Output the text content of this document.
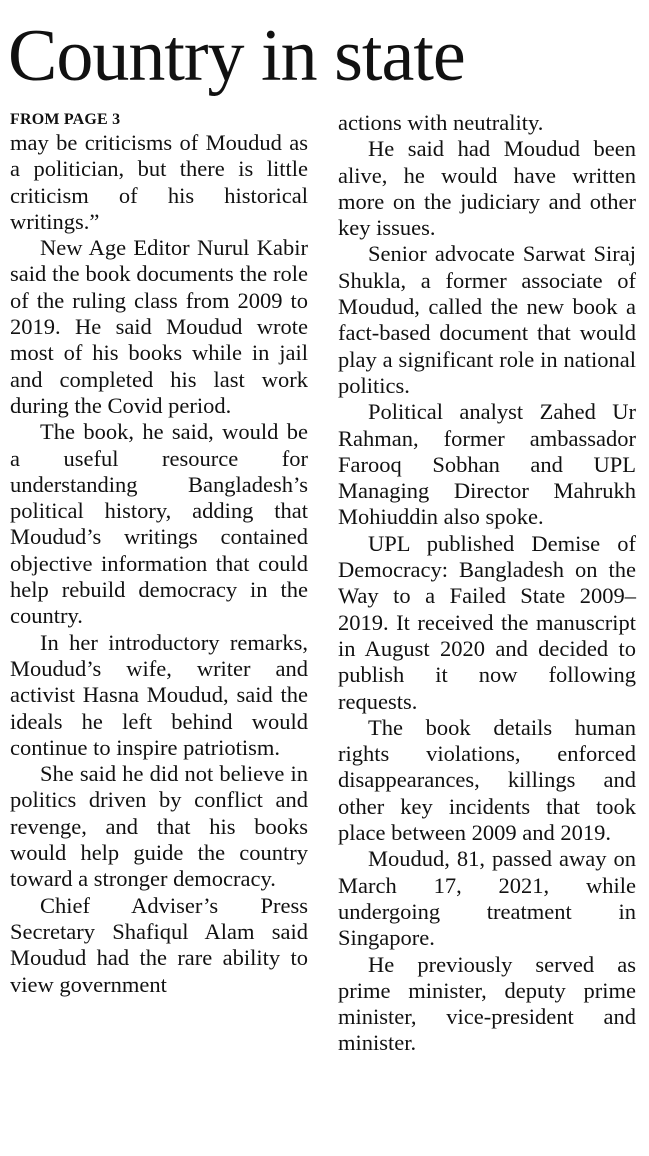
Country in state
FROM PAGE 3

may be criticisms of Moudud as a politician, but there is little criticism of his historical writings.”

New Age Editor Nurul Kabir said the book documents the role of the ruling class from 2009 to 2019. He said Moudud wrote most of his books while in jail and completed his last work during the Covid period.

The book, he said, would be a useful resource for understanding Bangladesh’s political history, adding that Moudud’s writings contained objective information that could help rebuild democracy in the country.

In her introductory remarks, Moudud’s wife, writer and activist Hasna Moudud, said the ideals he left behind would continue to inspire patriotism.

She said he did not believe in politics driven by conflict and revenge, and that his books would help guide the country toward a stronger democracy.

Chief Adviser’s Press Secretary Shafiqul Alam said Moudud had the rare ability to view government

actions with neutrality.

He said had Moudud been alive, he would have written more on the judiciary and other key issues.

Senior advocate Sarwat Siraj Shukla, a former associate of Moudud, called the new book a fact-based document that would play a significant role in national politics.

Political analyst Zahed Ur Rahman, former ambassador Farooq Sobhan and UPL Managing Director Mahrukh Mohiuddin also spoke.

UPL published Demise of Democracy: Bangladesh on the Way to a Failed State 2009–2019. It received the manuscript in August 2020 and decided to publish it now following requests.

The book details human rights violations, enforced disappearances, killings and other key incidents that took place between 2009 and 2019.

Moudud, 81, passed away on March 17, 2021, while undergoing treatment in Singapore.

He previously served as prime minister, deputy prime minister, vice-president and minister.
